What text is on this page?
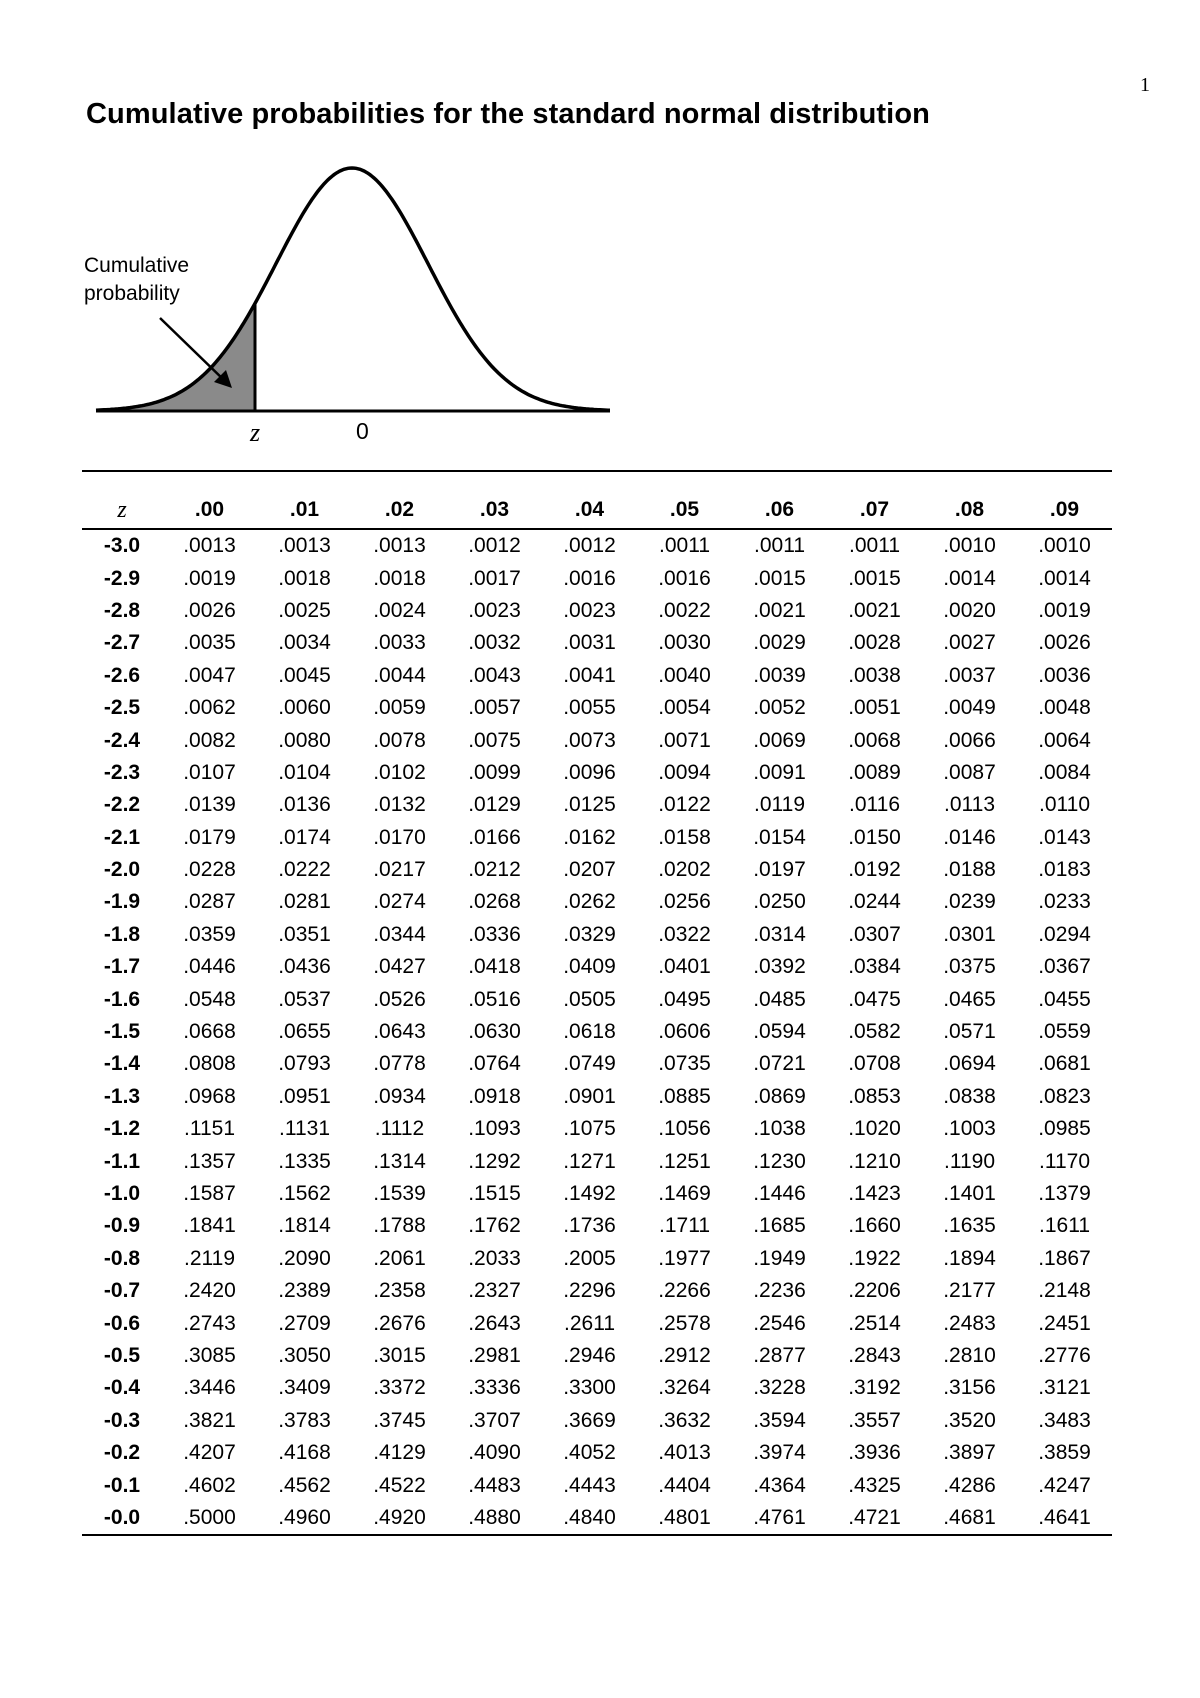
1
Cumulative probabilities for the standard normal distribution
Cumulative
probability
z	0
z	.00	.01	.02	.03	.04	.05	.06	.07	.08	.09
-3.0	.0013	.0013	.0013	.0012	.0012	.0011	.0011	.0011	.0010	.0010
-2.9	.0019	.0018	.0018	.0017	.0016	.0016	.0015	.0015	.0014	.0014
-2.8	.0026	.0025	.0024	.0023	.0023	.0022	.0021	.0021	.0020	.0019
-2.7	.0035	.0034	.0033	.0032	.0031	.0030	.0029	.0028	.0027	.0026
-2.6	.0047	.0045	.0044	.0043	.0041	.0040	.0039	.0038	.0037	.0036
-2.5	.0062	.0060	.0059	.0057	.0055	.0054	.0052	.0051	.0049	.0048
-2.4	.0082	.0080	.0078	.0075	.0073	.0071	.0069	.0068	.0066	.0064
-2.3	.0107	.0104	.0102	.0099	.0096	.0094	.0091	.0089	.0087	.0084
-2.2	.0139	.0136	.0132	.0129	.0125	.0122	.0119	.0116	.0113	.0110
-2.1	.0179	.0174	.0170	.0166	.0162	.0158	.0154	.0150	.0146	.0143
-2.0	.0228	.0222	.0217	.0212	.0207	.0202	.0197	.0192	.0188	.0183
-1.9	.0287	.0281	.0274	.0268	.0262	.0256	.0250	.0244	.0239	.0233
-1.8	.0359	.0351	.0344	.0336	.0329	.0322	.0314	.0307	.0301	.0294
-1.7	.0446	.0436	.0427	.0418	.0409	.0401	.0392	.0384	.0375	.0367
-1.6	.0548	.0537	.0526	.0516	.0505	.0495	.0485	.0475	.0465	.0455
-1.5	.0668	.0655	.0643	.0630	.0618	.0606	.0594	.0582	.0571	.0559
-1.4	.0808	.0793	.0778	.0764	.0749	.0735	.0721	.0708	.0694	.0681
-1.3	.0968	.0951	.0934	.0918	.0901	.0885	.0869	.0853	.0838	.0823
-1.2	.1151	.1131	.1112	.1093	.1075	.1056	.1038	.1020	.1003	.0985
-1.1	.1357	.1335	.1314	.1292	.1271	.1251	.1230	.1210	.1190	.1170
-1.0	.1587	.1562	.1539	.1515	.1492	.1469	.1446	.1423	.1401	.1379
-0.9	.1841	.1814	.1788	.1762	.1736	.1711	.1685	.1660	.1635	.1611
-0.8	.2119	.2090	.2061	.2033	.2005	.1977	.1949	.1922	.1894	.1867
-0.7	.2420	.2389	.2358	.2327	.2296	.2266	.2236	.2206	.2177	.2148
-0.6	.2743	.2709	.2676	.2643	.2611	.2578	.2546	.2514	.2483	.2451
-0.5	.3085	.3050	.3015	.2981	.2946	.2912	.2877	.2843	.2810	.2776
-0.4	.3446	.3409	.3372	.3336	.3300	.3264	.3228	.3192	.3156	.3121
-0.3	.3821	.3783	.3745	.3707	.3669	.3632	.3594	.3557	.3520	.3483
-0.2	.4207	.4168	.4129	.4090	.4052	.4013	.3974	.3936	.3897	.3859
-0.1	.4602	.4562	.4522	.4483	.4443	.4404	.4364	.4325	.4286	.4247
-0.0	.5000	.4960	.4920	.4880	.4840	.4801	.4761	.4721	.4681	.4641
